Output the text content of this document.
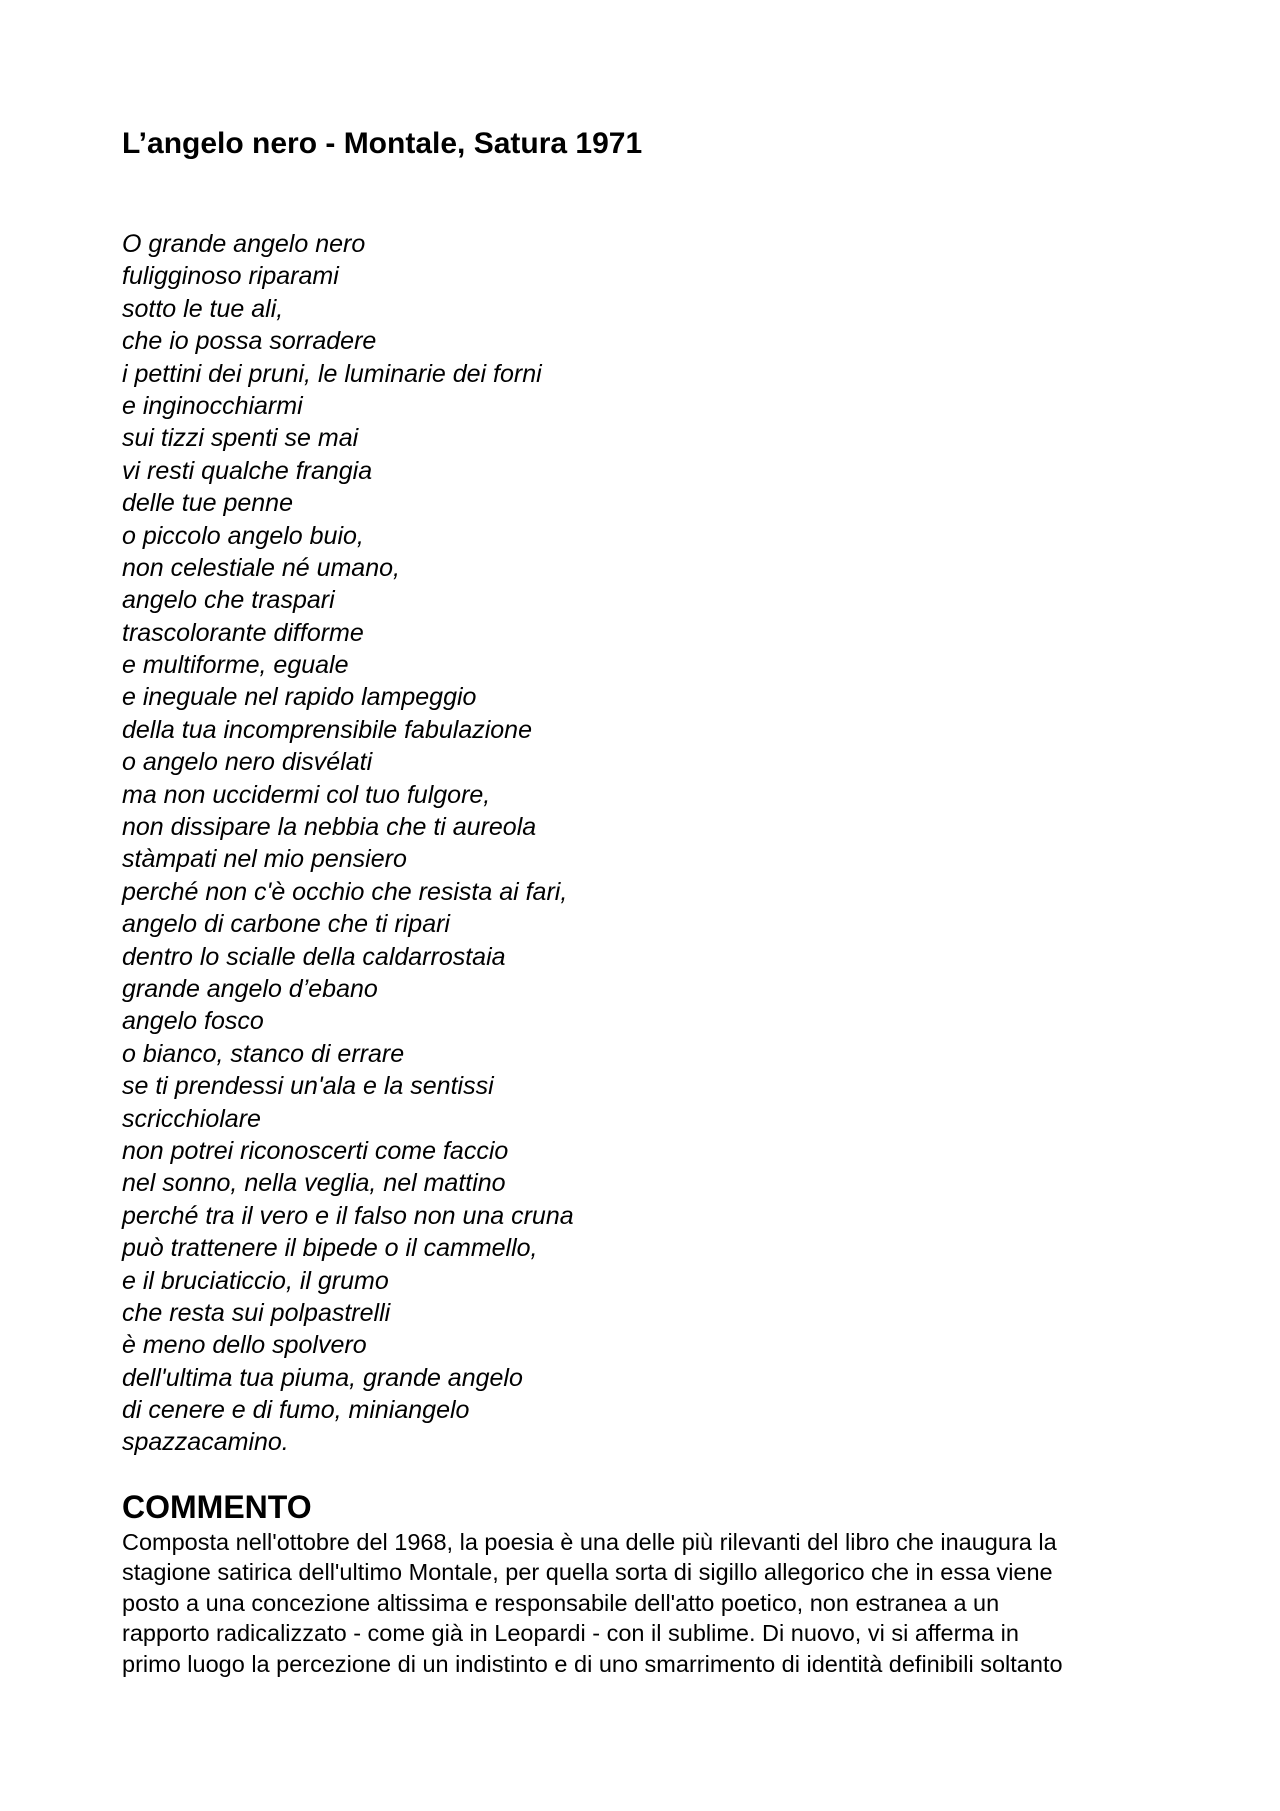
L’angelo nero - Montale, Satura 1971
O grande angelo nero
fuligginoso riparami
sotto le tue ali,
che io possa sorradere
i pettini dei pruni, le luminarie dei forni
e inginocchiarmi
sui tizzi spenti se mai
vi resti qualche frangia
delle tue penne
o piccolo angelo buio,
non celestiale né umano,
angelo che traspari
trascolorante difforme
e multiforme, eguale
e ineguale nel rapido lampeggio
della tua incomprensibile fabulazione
o angelo nero disvélati
ma non uccidermi col tuo fulgore,
non dissipare la nebbia che ti aureola
stàmpati nel mio pensiero
perché non c'è occhio che resista ai fari,
angelo di carbone che ti ripari
dentro lo scialle della caldarrostaia
grande angelo d’ebano
angelo fosco
o bianco, stanco di errare
se ti prendessi un'ala e la sentissi
scricchiolare
non potrei riconoscerti come faccio
nel sonno, nella veglia, nel mattino
perché tra il vero e il falso non una cruna
può trattenere il bipede o il cammello,
e il bruciaticcio, il grumo
che resta sui polpastrelli
è meno dello spolvero
dell'ultima tua piuma, grande angelo
di cenere e di fumo, miniangelo
spazzacamino.
COMMENTO
Composta nell'ottobre del 1968, la poesia è una delle più rilevanti del libro che inaugura la
stagione satirica dell'ultimo Montale, per quella sorta di sigillo allegorico che in essa viene
posto a una concezione altissima e responsabile dell'atto poetico, non estranea a un
rapporto radicalizzato - come già in Leopardi - con il sublime. Di nuovo, vi si afferma in
primo luogo la percezione di un indistinto e di uno smarrimento di identità definibili soltanto
